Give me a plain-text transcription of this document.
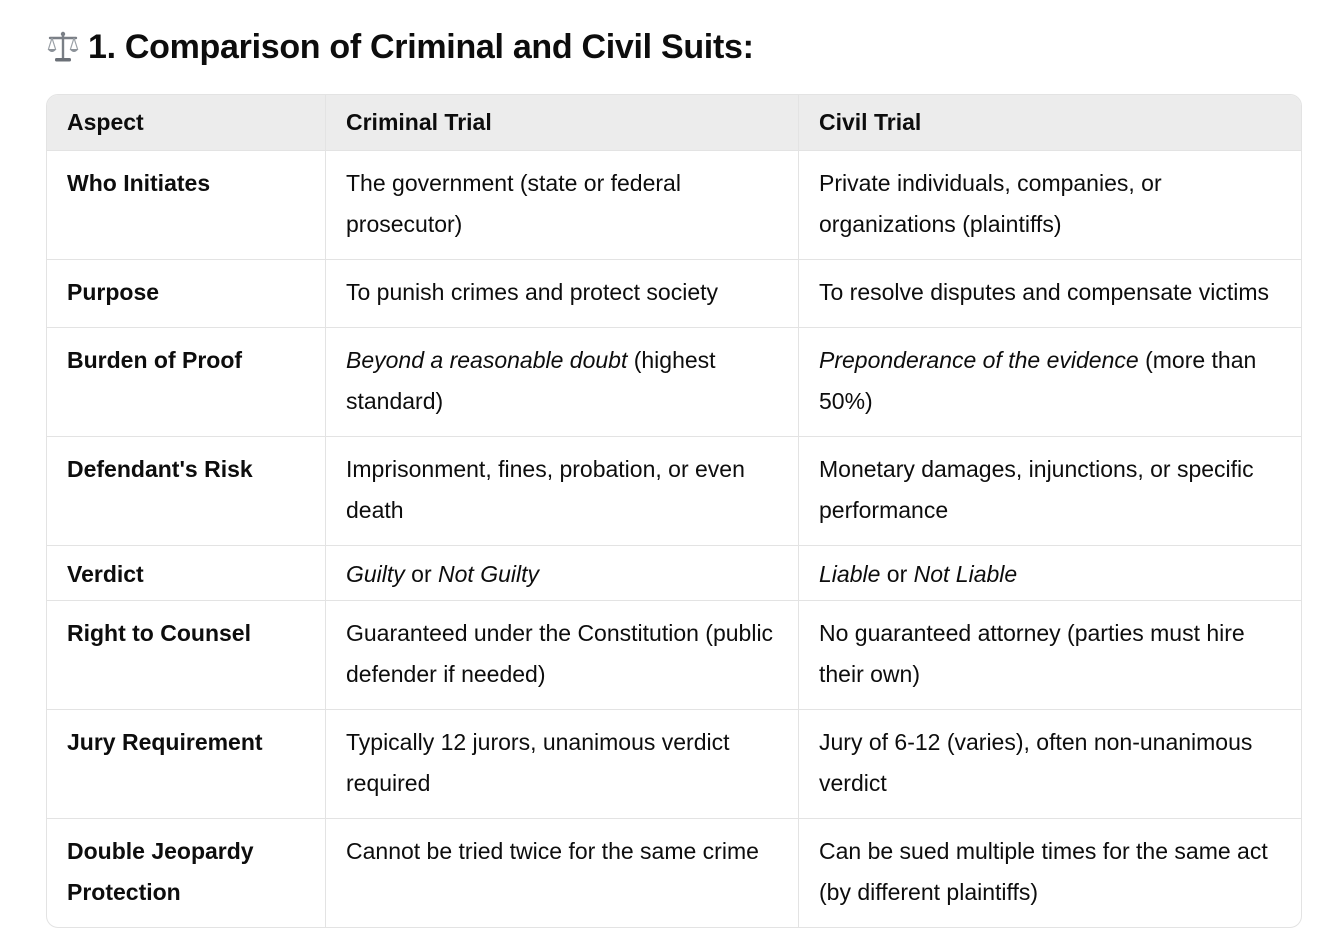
1. Comparison of Criminal and Civil Suits:
Aspect	Criminal Trial	Civil Trial
Who Initiates	The government (state or federal prosecutor)	Private individuals, companies, or organizations (plaintiffs)
Purpose	To punish crimes and protect society	To resolve disputes and compensate victims
Burden of Proof	Beyond a reasonable doubt (highest standard)	Preponderance of the evidence (more than 50%)
Defendant's Risk	Imprisonment, fines, probation, or even death	Monetary damages, injunctions, or specific performance
Verdict	Guilty or Not Guilty	Liable or Not Liable
Right to Counsel	Guaranteed under the Constitution (public defender if needed)	No guaranteed attorney (parties must hire their own)
Jury Requirement	Typically 12 jurors, unanimous verdict required	Jury of 6-12 (varies), often non-unanimous verdict
Double Jeopardy Protection	Cannot be tried twice for the same crime	Can be sued multiple times for the same act (by different plaintiffs)
